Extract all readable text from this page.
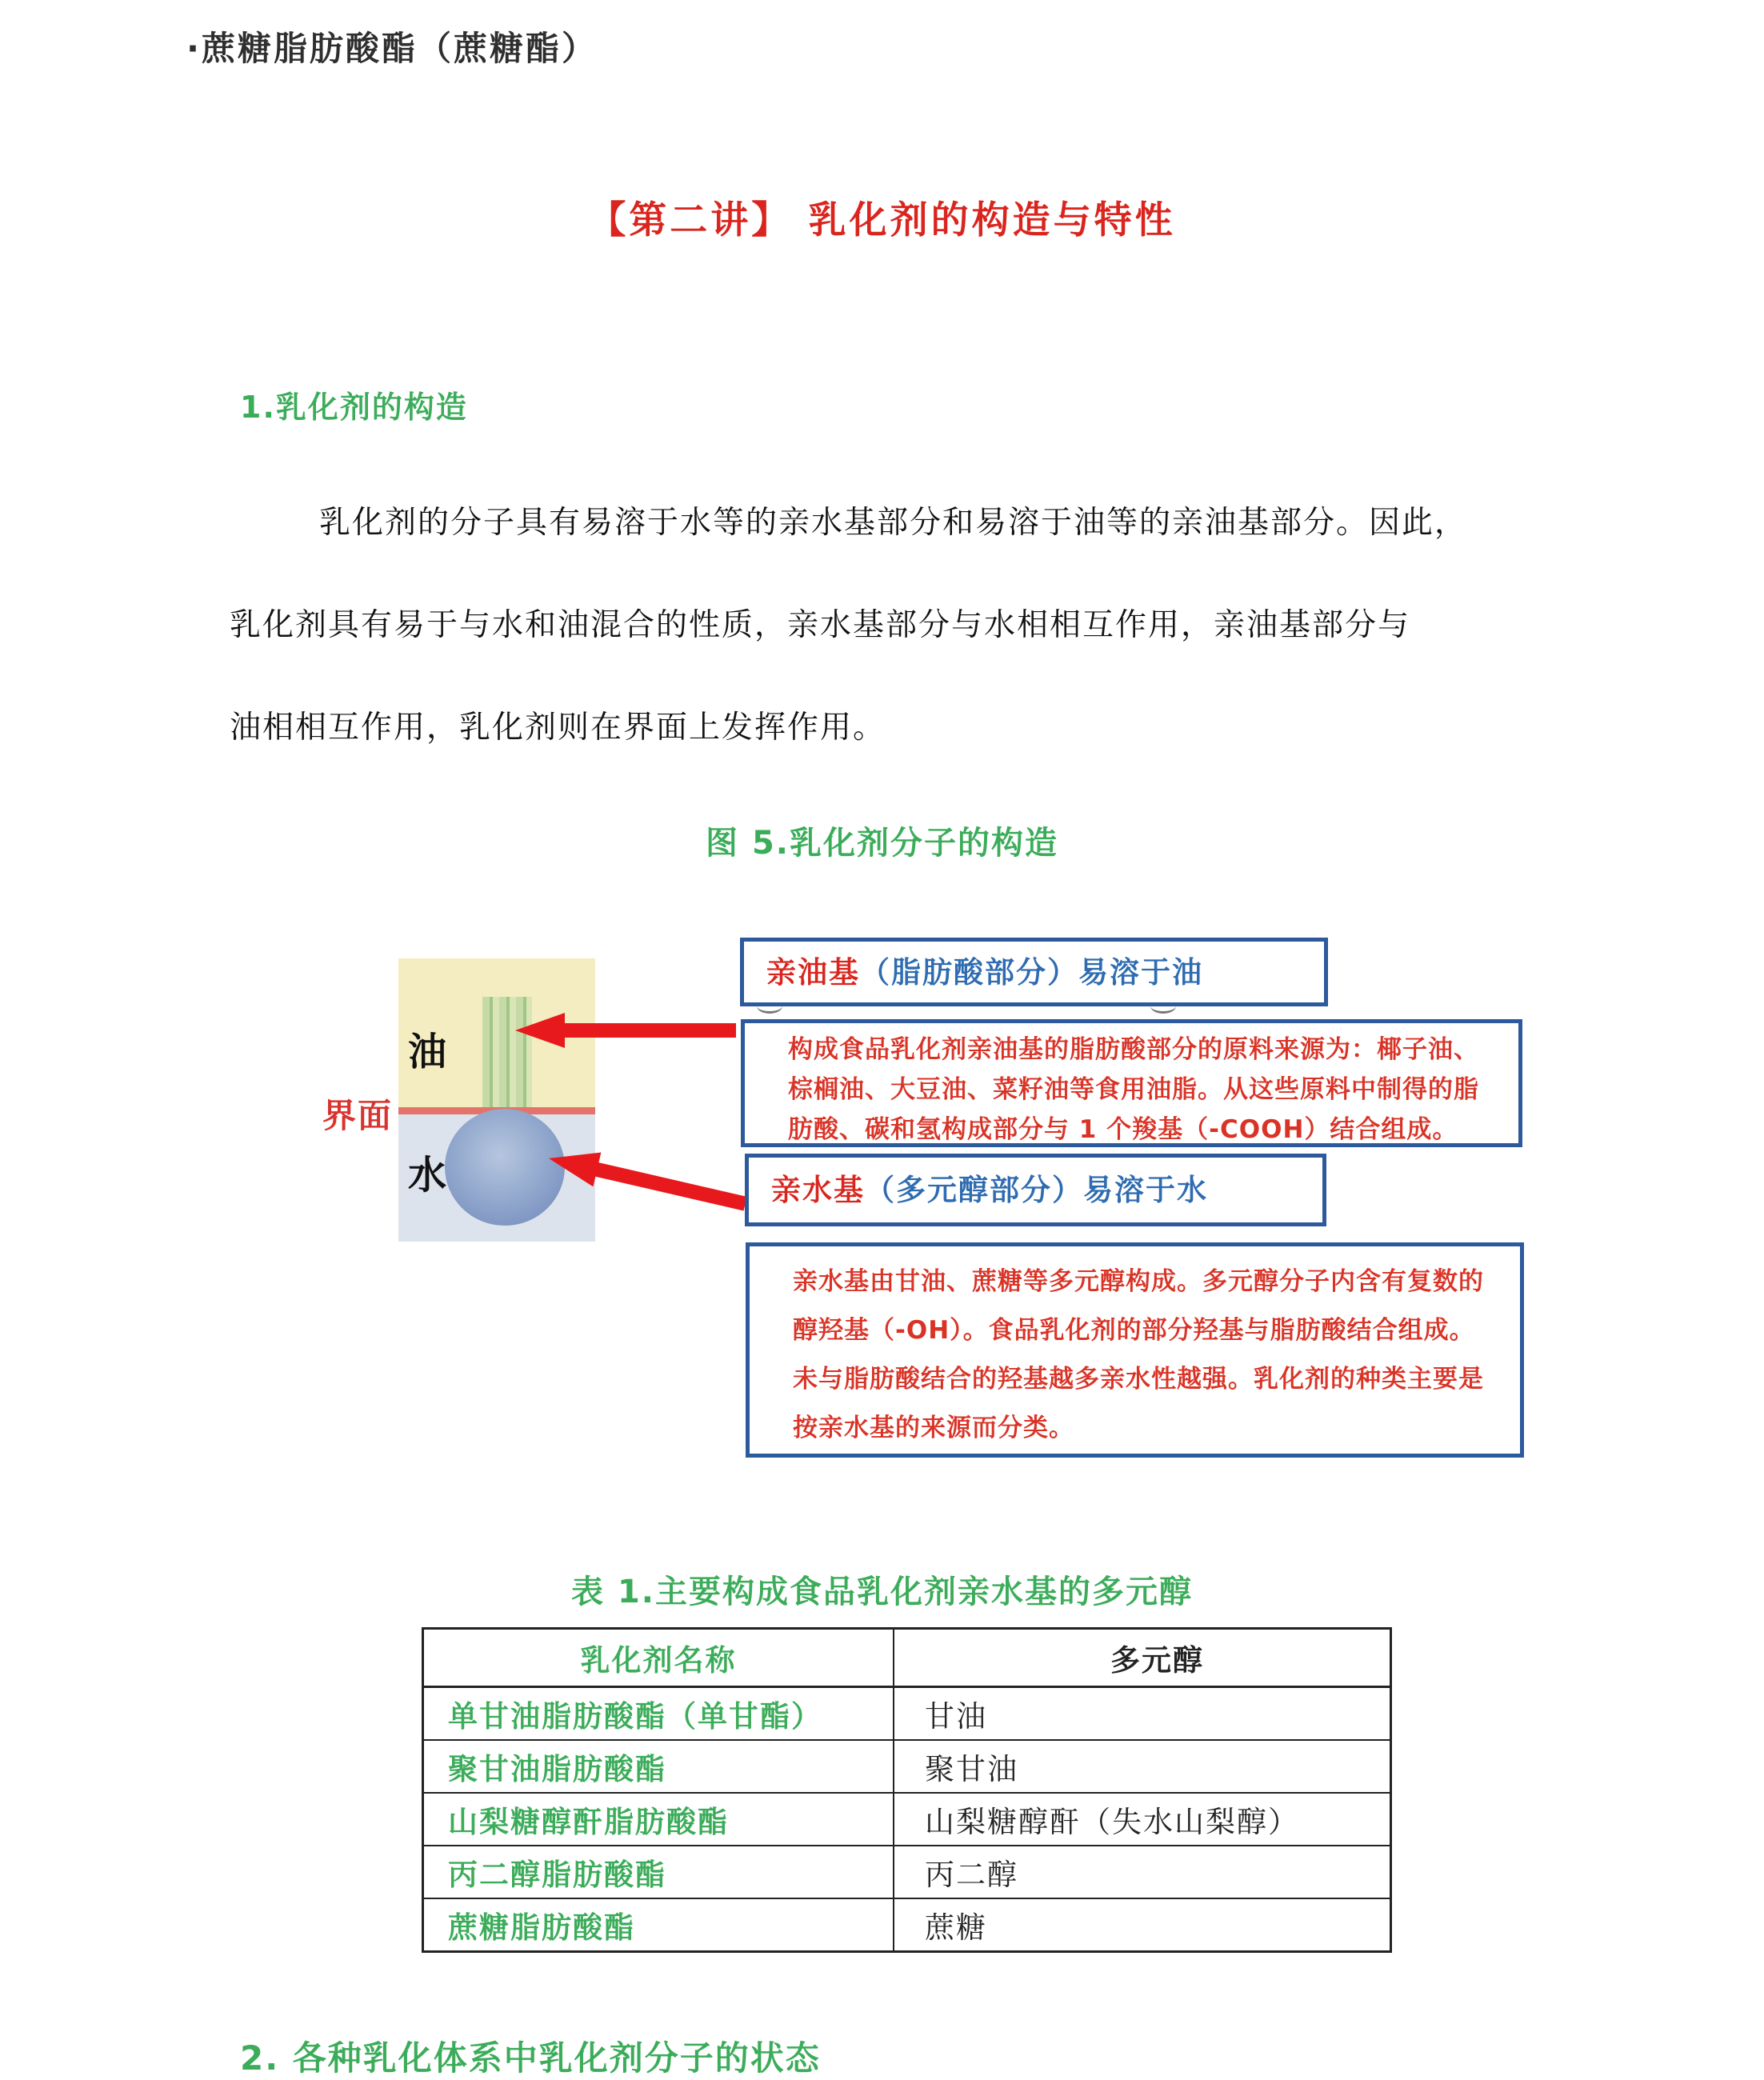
·蔗糖脂肪酸酯（蔗糖酯）
【第二讲】 乳化剂的构造与特性
1.乳化剂的构造
乳化剂的分子具有易溶于水等的亲水基部分和易溶于油等的亲油基部分。因此，
乳化剂具有易于与水和油混合的性质，亲水基部分与水相相互作用，亲油基部分与
油相相互作用，乳化剂则在界面上发挥作用。
图 5.乳化剂分子的构造
油
水
界面
亲油基（脂肪酸部分）易溶于油
构成食品乳化剂亲油基的脂肪酸部分的原料来源为：椰子油、
棕榈油、大豆油、菜籽油等食用油脂。从这些原料中制得的脂
肪酸、碳和氢构成部分与 1 个羧基（-COOH）结合组成。
亲水基（多元醇部分）易溶于水
亲水基由甘油、蔗糖等多元醇构成。多元醇分子内含有复数的
醇羟基（-OH）。食品乳化剂的部分羟基与脂肪酸结合组成。
未与脂肪酸结合的羟基越多亲水性越强。乳化剂的种类主要是
按亲水基的来源而分类。
表 1.主要构成食品乳化剂亲水基的多元醇
乳化剂名称	多元醇
单甘油脂肪酸酯（单甘酯）	甘油
聚甘油脂肪酸酯	聚甘油
山梨糖醇酐脂肪酸酯	山梨糖醇酐（失水山梨醇）
丙二醇脂肪酸酯	丙二醇
蔗糖脂肪酸酯	蔗糖
2. 各种乳化体系中乳化剂分子的状态
